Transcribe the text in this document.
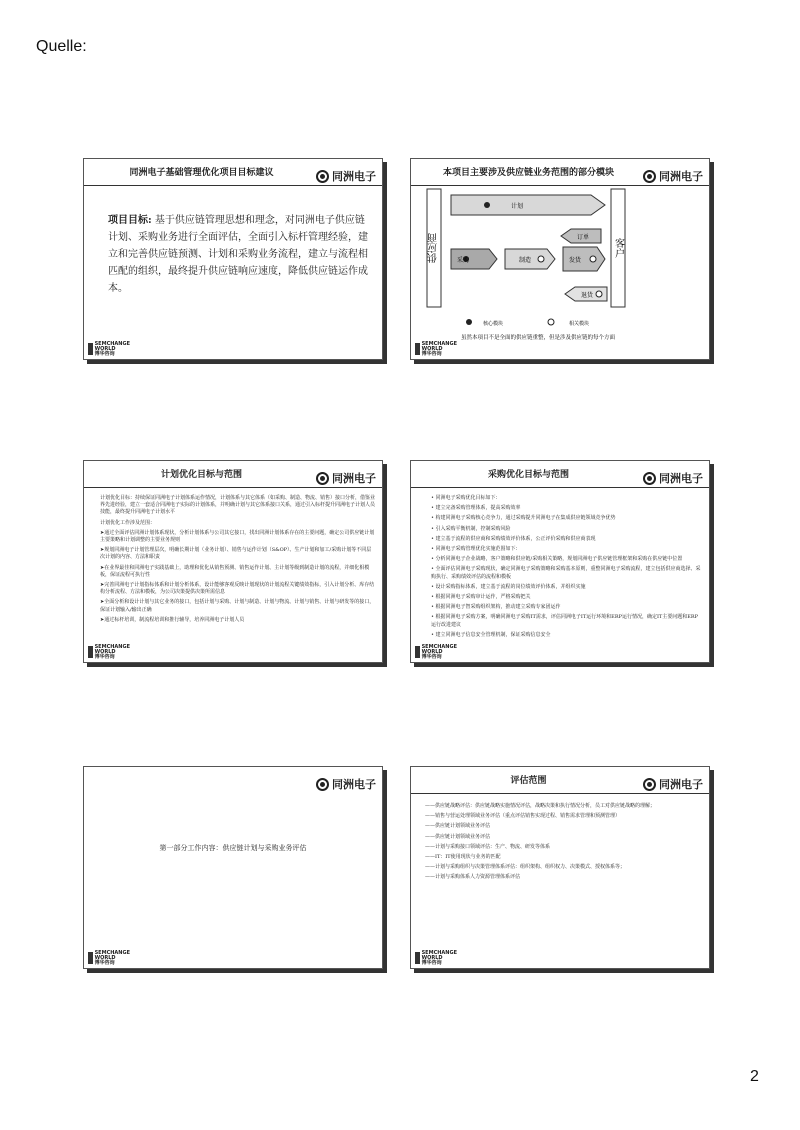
Quelle:
同洲电子基础管理优化项目目标建议	同洲电子
项目目标: 基于供应链管理思想和理念，对同洲电子供应链计划、采购业务进行全面评估，全面引入标杆管理经验，建立和完善供应链预测、计划和采购业务流程，建立与流程相匹配的组织，最终提升供应链响应速度，降低供应链运作成本。
SEMCHANGE
WORLD
博华咨询
本项目主要涉及供应链业务范围的部分模块	同洲电子
供应商	客户
计划
订单
采购	制造	发货
退货
核心模块	相关模块
虽然本项目不是全面的供应链重整，但是涉及供应链的每个方面
SEMCHANGE
WORLD
博华咨询
计划优化目标与范围	同洲电子

计划优化目标：持续保证同洲电子计划体系运作情况，计划体系与其它体系（如采购、制造、物流、销售）接口分析，借鉴业界先进经验，建立一套适合同洲电子实际的计划体系，并明确计划与其它体系接口关系，通过引入标杆提升同洲电子计划人员技能，最终提升同洲电子计划水平

计划优化工作涉及范围：

➤通过全面评估同洲计划体系现状，分析计划体系与公司其它接口，找出同洲计划体系存在的主要问题，确定公司供应链计划主要策略和计划调整的主要业务规则

➤规划同洲电子计划管理层次，明确长期计划（业务计划）、销售与运作计划（S&OP）、生产计划和加工/采购计划等不同层次计划的内容、方法和职责

➤在业界最佳和同洲电子实践基础上，助理和优化从销售预测、销售运作计划、主计划等级到制造计划的流程，并细化相模板，保证流程可执行性

➤完善同洲电子计划指标体系和计划分析体系，设计能够客观反映计划现状的计划流程关键绩效指标，引入计划分析、库存结构分析流程、方法和模板，为公司决策提供决策所需信息

➤全面分析和设计计划与其它业务的接口，包括计划与采购、计划与制造、计划与物流、计划与销售、计划与研发等的接口，保证计划输入/输出正确

➤通过标杆培训，制流程培训和推行辅导，培养同洲电子计划人员

SEMCHANGE
WORLD
博华咨询
采购优化目标与范围	同洲电子

• 同洲电子采购优化目标如下：

• 建立完备采购管理体系，提高采购效率

• 构建同洲电子采购核心竞争力，通过采购提升同洲电子在集成供应链领域竞争优势

• 引入采购平衡机制，控制采购风险

• 建立基于流程的供应商和采购绩效评价体系，公正评价采购和供应商表现

• 同洲电子采购管理优化实施范围如下：

• 分析同洲电子企业战略，客户策略和供应链/采购相关策略，规划同洲电子供应链管理框架和采购在供应链中位置

• 全面评估同洲电子采购现状，确定同洲电子采购策略和采购基本原则，重整同洲电子采购流程，建立包括供应商选择、采购执行、采购绩效评估的流程和模板

• 设计采购指标体系，建立基于流程的岗位绩效评价体系，并组织实施

• 根据同洲电子采购审计运作，严格采购把关

• 根据同洲电子智采购组织架构，推动建立采购专家团运作

• 根据同洲电子采购方案，明确同洲电子采购IT需求，评估同洲电子IT运行环境和ERP运行情况，确定IT主要问题和ERP运行改进建议

• 建立同洲电子信息安全管理机制，保证采购信息安全

SEMCHANGE
WORLD
博华咨询
同洲电子
第一部分工作内容：供应链计划与采购业务评估
SEMCHANGE
WORLD
博华咨询
评估范围	同洲电子

——供应链战略评估：供应链战略实施情况评估，战略决策和执行情况分析，员工对供应链战略的理解；

——销售与营运处理领域业务评估（重点评估销售实现过程、销售需求管理和预测管理）

——供应链计划领域业务评估

——供应链计划领域业务评估

——计划与采购接口领域评估：生产、物流、研发等体系

——IT：IT使用现状与业务的匹配

——计划与采购组织与决策管理体系评估：组织架构、组织权力、决策模式、授权体系等；

——计划与采购体系人力资源管理体系评估

SEMCHANGE
WORLD
博华咨询
2
